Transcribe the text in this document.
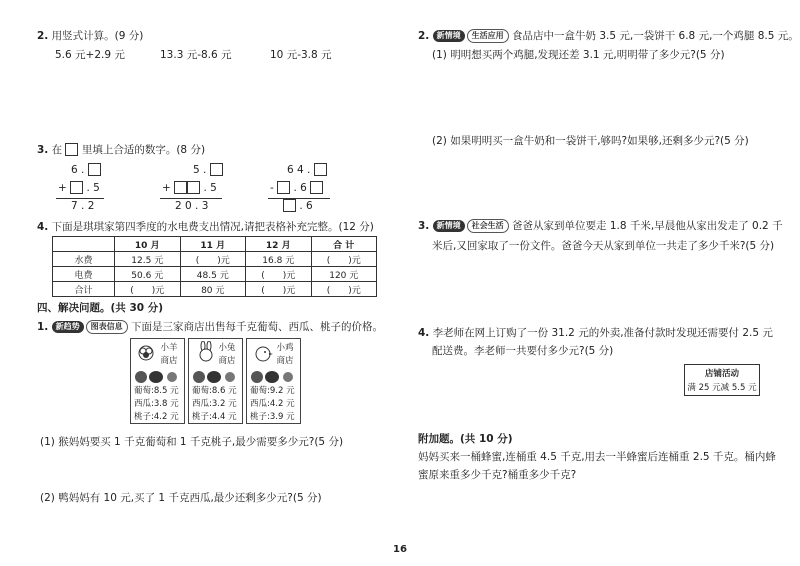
2. 用竖式计算。(9 分)
5.6 元+2.9 元	13.3 元-8.6 元	10 元-3.8 元
3. 在 里填上合适的数字。(8 分)
6 .
+ . 5
7 . 2
5 .
+	. 5
2 0 . 3
6 4 .
- . 6
. 6
4. 下面是琪琪家第四季度的水电费支出情况,请把表格补充完整。(12 分)
	10 月	11 月	12 月	合 计
水费	12.5 元	(　　)元	16.8 元	(　　)元
电费	50.6 元	48.5 元	(　　)元	120 元
合计	(　　)元	80 元	(　　)元	(　　)元
四、解决问题。(共 30 分)
1. 新趋势 图表信息 下面是三家商店出售每千克葡萄、西瓜、桃子的价格。
小羊商店
葡萄:8.5 元
西瓜:3.8 元
桃子:4.2 元
小兔商店
葡萄:8.6 元
西瓜:3.2 元
桃子:4.4 元
小鸡商店
葡萄:9.2 元
西瓜:4.2 元
桃子:3.9 元
(1) 猴妈妈要买 1 千克葡萄和 1 千克桃子,最少需要多少元?(5 分)
(2) 鸭妈妈有 10 元,买了 1 千克西瓜,最少还剩多少元?(5 分)
2. 新情境 生活应用 食品店中一盒牛奶 3.5 元,一袋饼干 6.8 元,一个鸡腿 8.5 元。
(1) 明明想买两个鸡腿,发现还差 3.1 元,明明带了多少元?(5 分)
(2) 如果明明买一盒牛奶和一袋饼干,够吗?如果够,还剩多少元?(5 分)
3. 新情境 社会生活 爸爸从家到单位要走 1.8 千米,早晨他从家出发走了 0.2 千
米后,又回家取了一份文件。爸爸今天从家到单位一共走了多少千米?(5 分)
4. 李老师在网上订购了一份 31.2 元的外卖,准备付款时发现还需要付 2.5 元
配送费。李老师一共要付多少元?(5 分)
店铺活动
满 25 元减 5.5 元
附加题。(共 10 分)
妈妈买来一桶蜂蜜,连桶重 4.5 千克,用去一半蜂蜜后连桶重 2.5 千克。桶内蜂
蜜原来重多少千克?桶重多少千克?
16
